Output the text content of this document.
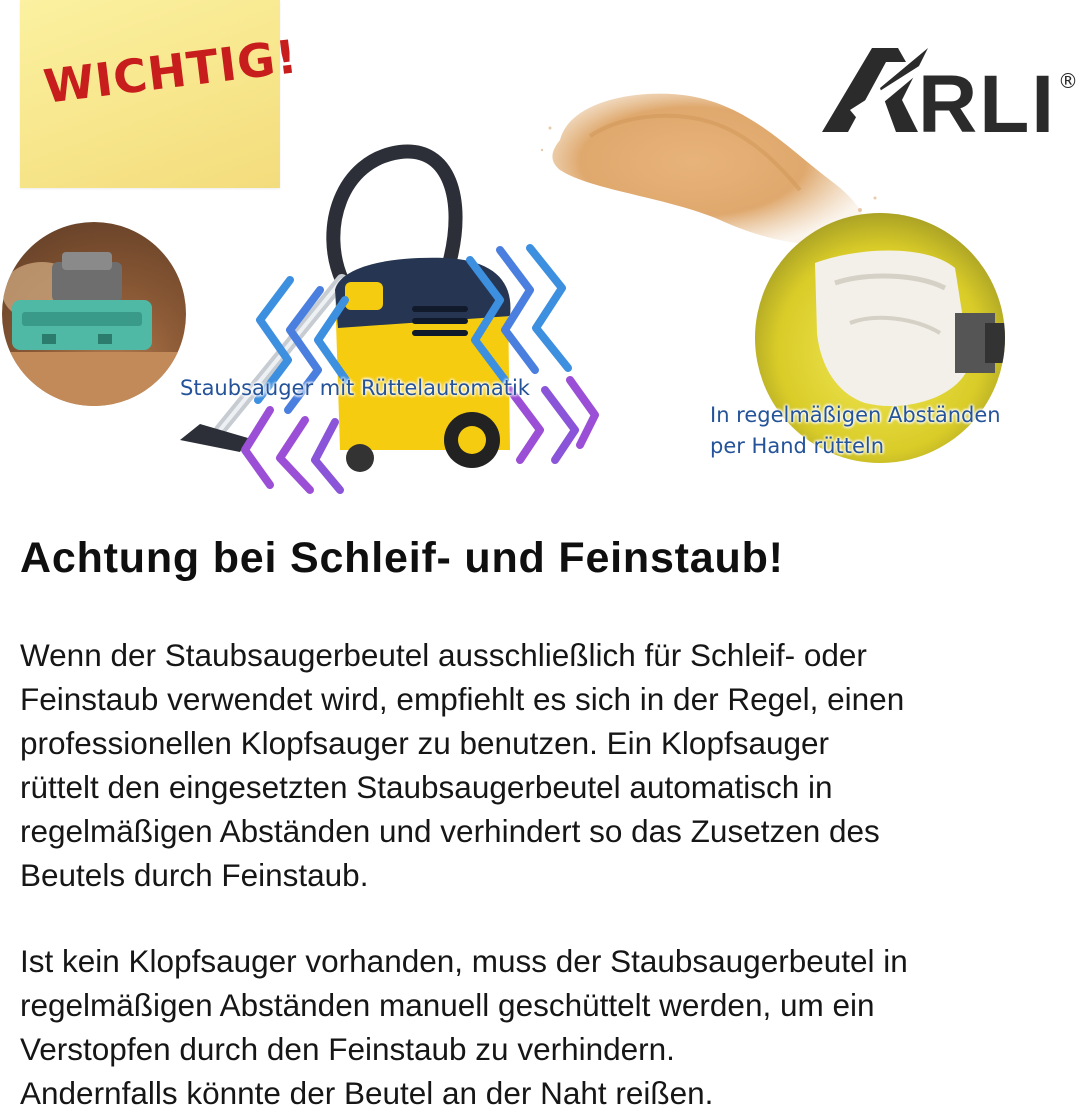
WICHTIG!	RLI ®
Staubsauger mit Rüttelautomatik
In regelmäßigen Abständen
per Hand rütteln
Achtung bei Schleif- und Feinstaub!
Wenn der Staubsaugerbeutel ausschließlich für Schleif- oder
Feinstaub verwendet wird, empfiehlt es sich in der Regel, einen
professionellen Klopfsauger zu benutzen. Ein Klopfsauger
rüttelt den eingesetzten Staubsaugerbeutel automatisch in
regelmäßigen Abständen und verhindert so das Zusetzen des
Beutels durch Feinstaub.
Ist kein Klopfsauger vorhanden, muss der Staubsaugerbeutel in
regelmäßigen Abständen manuell geschüttelt werden, um ein
Verstopfen durch den Feinstaub zu verhindern.
Andernfalls könnte der Beutel an der Naht reißen.
